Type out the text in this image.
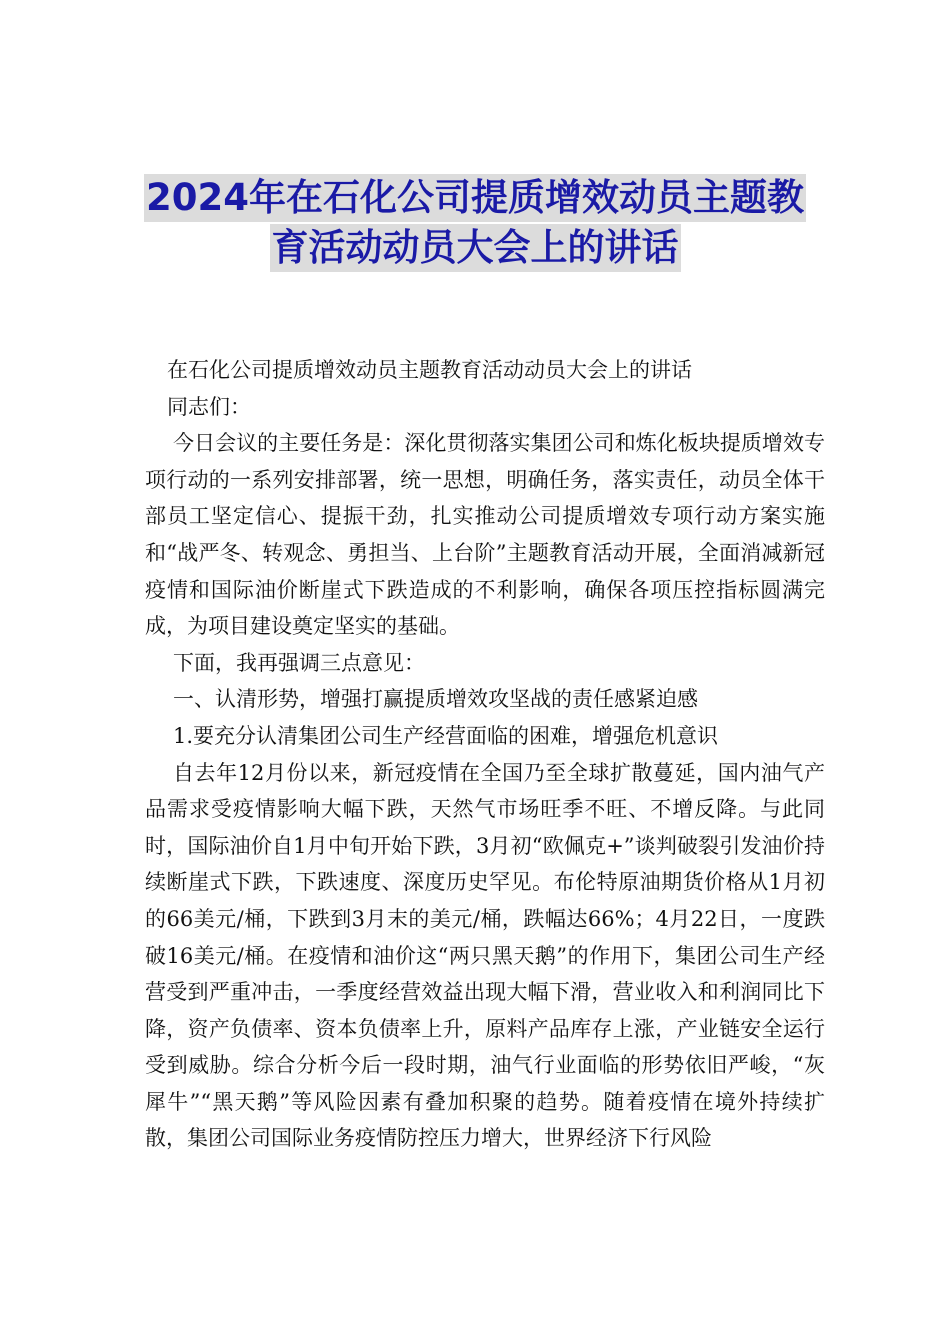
2024年在石化公司提质增效动员主题教
育活动动员大会上的讲话

在石化公司提质增效动员主题教育活动动员大会上的讲话

同志们：

今日会议的主要任务是：深化贯彻落实集团公司和炼化板块提质增效专项行动的一系列安排部署，统一思想，明确任务，落实责任，动员全体干部员工坚定信心、提振干劲，扎实推动公司提质增效专项行动方案实施和“战严冬、转观念、勇担当、上台阶”主题教育活动开展，全面消减新冠疫情和国际油价断崖式下跌造成的不利影响，确保各项压控指标圆满完成，为项目建设奠定坚实的基础。

下面，我再强调三点意见：

一、认清形势，增强打赢提质增效攻坚战的责任感紧迫感

1.要充分认清集团公司生产经营面临的困难，增强危机意识

自去年12月份以来，新冠疫情在全国乃至全球扩散蔓延，国内油气产品需求受疫情影响大幅下跌，天然气市场旺季不旺、不增反降。与此同时，国际油价自1月中旬开始下跌，3月初“欧佩克+”谈判破裂引发油价持续断崖式下跌，下跌速度、深度历史罕见。布伦特原油期货价格从1月初的66美元/桶，下跌到3月末的美元/桶，跌幅达66%；4月22日，一度跌破16美元/桶。在疫情和油价这“两只黑天鹅”的作用下，集团公司生产经营受到严重冲击，一季度经营效益出现大幅下滑，营业收入和利润同比下降，资产负债率、资本负债率上升，原料产品库存上涨，产业链安全运行受到威胁。综合分析今后一段时期，油气行业面临的形势依旧严峻，“灰犀牛”“黑天鹅”等风险因素有叠加积聚的趋势。随着疫情在境外持续扩散，集团公司国际业务疫情防控压力增大，世界经济下行风险
